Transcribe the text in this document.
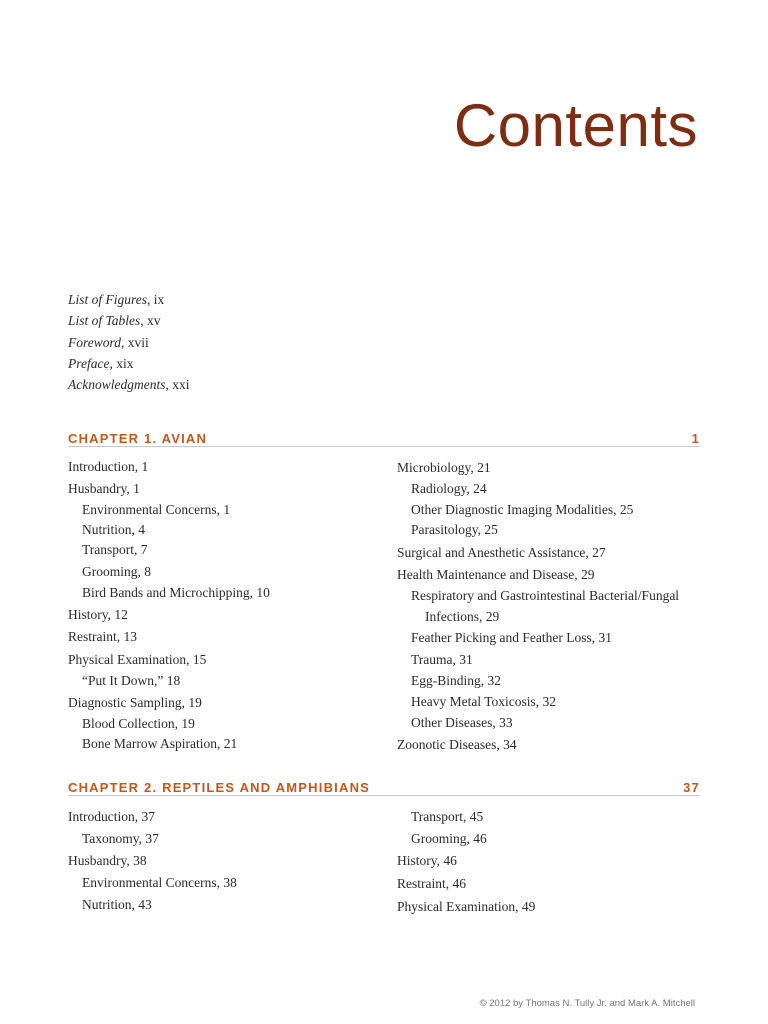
Contents
List of Figures, ix
List of Tables, xv
Foreword, xvii
Preface, xix
Acknowledgments, xxi
CHAPTER 1. AVIAN	1
Introduction, 1
Husbandry, 1
Environmental Concerns, 1
Nutrition, 4
Transport, 7
Grooming, 8
Bird Bands and Microchipping, 10
History, 12
Restraint, 13
Physical Examination, 15
“Put It Down,” 18
Diagnostic Sampling, 19
Blood Collection, 19
Bone Marrow Aspiration, 21
Microbiology, 21
Radiology, 24
Other Diagnostic Imaging Modalities, 25
Parasitology, 25
Surgical and Anesthetic Assistance, 27
Health Maintenance and Disease, 29
Respiratory and Gastrointestinal Bacterial/Fungal
Infections, 29
Feather Picking and Feather Loss, 31
Trauma, 31
Egg-Binding, 32
Heavy Metal Toxicosis, 32
Other Diseases, 33
Zoonotic Diseases, 34
CHAPTER 2. REPTILES AND AMPHIBIANS	37
Introduction, 37
Taxonomy, 37
Husbandry, 38
Environmental Concerns, 38
Nutrition, 43
Transport, 45
Grooming, 46
History, 46
Restraint, 46
Physical Examination, 49
© 2012 by Thomas N. Tully Jr. and Mark A. Mitchell
